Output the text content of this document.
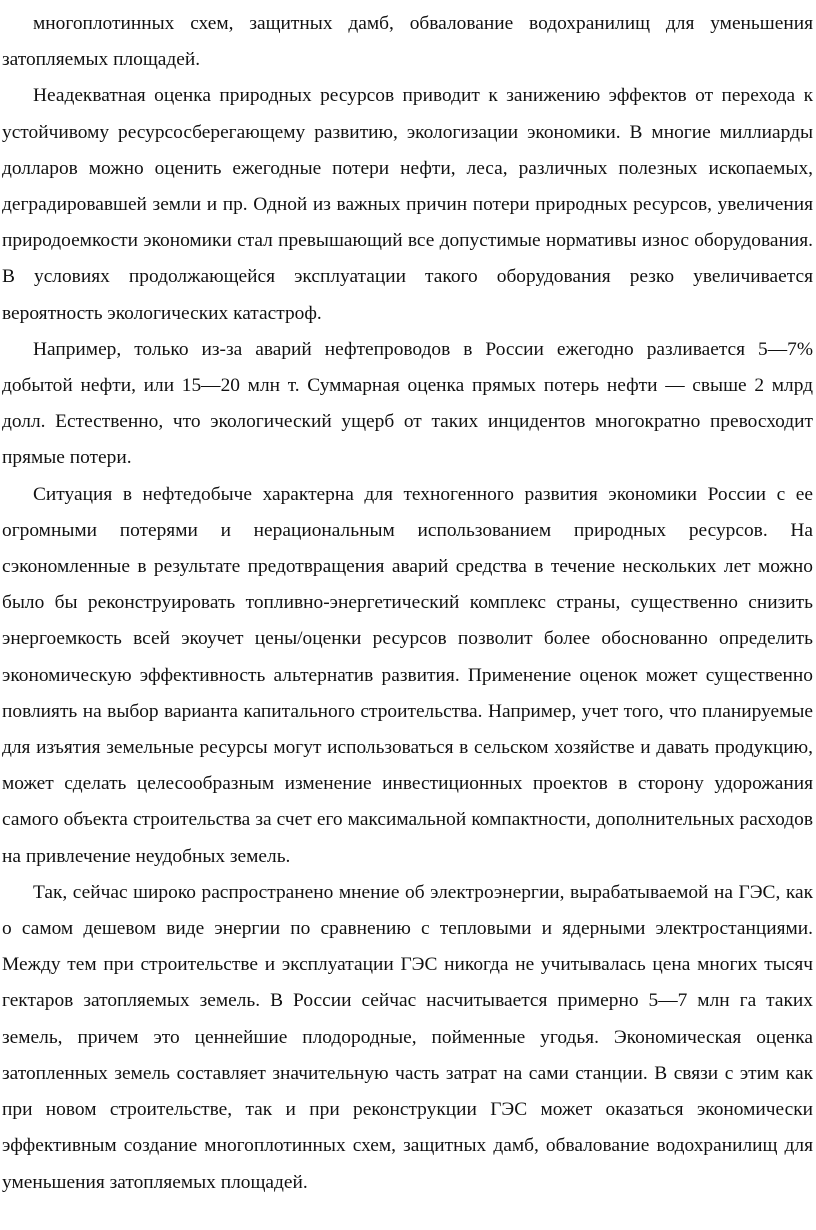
многоплотинных схем, защитных дамб, обвалование водохранилищ для уменьшения затопляемых площадей.

Неадекватная оценка природных ресурсов приводит к занижению эффектов от перехода к устойчивому ресурсосберегающему развитию, экологизации экономики. В многие миллиарды долларов можно оценить ежегодные потери нефти, леса, различных полезных ископаемых, деградировавшей земли и пр. Одной из важных причин потери природных ресурсов, увеличения природоемкости экономики стал превышающий все допустимые нормативы износ оборудования. В условиях продолжающейся эксплуатации такого оборудования резко увеличивается вероятность экологических катастроф.

Например, только из-за аварий нефтепроводов в России ежегодно разливается 5—7% добытой нефти, или 15—20 млн т. Суммарная оценка прямых потерь нефти — свыше 2 млрд долл. Естественно, что экологический ущерб от таких инцидентов многократно превосходит прямые потери.

Ситуация в нефтедобыче характерна для техногенного развития экономики России с ее огромными потерями и нерациональным использованием природных ресурсов. На сэкономленные в результате предотвращения аварий средства в течение нескольких лет можно было бы реконструировать топливно-энергетический комплекс страны, существенно снизить энергоемкость всей экоучет цены/оценки ресурсов позволит более обоснованно определить экономическую эффективность альтернатив развития. Применение оценок может существенно повлиять на выбор варианта капитального строительства. Например, учет того, что планируемые для изъятия земельные ресурсы могут использоваться в сельском хозяйстве и давать продукцию, может сделать целесообразным изменение инвестиционных проектов в сторону удорожания самого объекта строительства за счет его максимальной компактности, дополнительных расходов на привлечение неудобных земель.

Так, сейчас широко распространено мнение об электроэнергии, вырабатываемой на ГЭС, как о самом дешевом виде энергии по сравнению с тепловыми и ядерными электростанциями. Между тем при строительстве и эксплуатации ГЭС никогда не учитывалась цена многих тысяч гектаров затопляемых земель. В России сейчас насчитывается примерно 5—7 млн га таких земель, причем это ценнейшие плодородные, пойменные угодья. Экономическая оценка затопленных земель составляет значительную часть затрат на сами станции. В связи с этим как при новом строительстве, так и при реконструкции ГЭС может оказаться экономически эффективным создание многоплотинных схем, защитных дамб, обвалование водохранилищ для уменьшения затопляемых площадей.
